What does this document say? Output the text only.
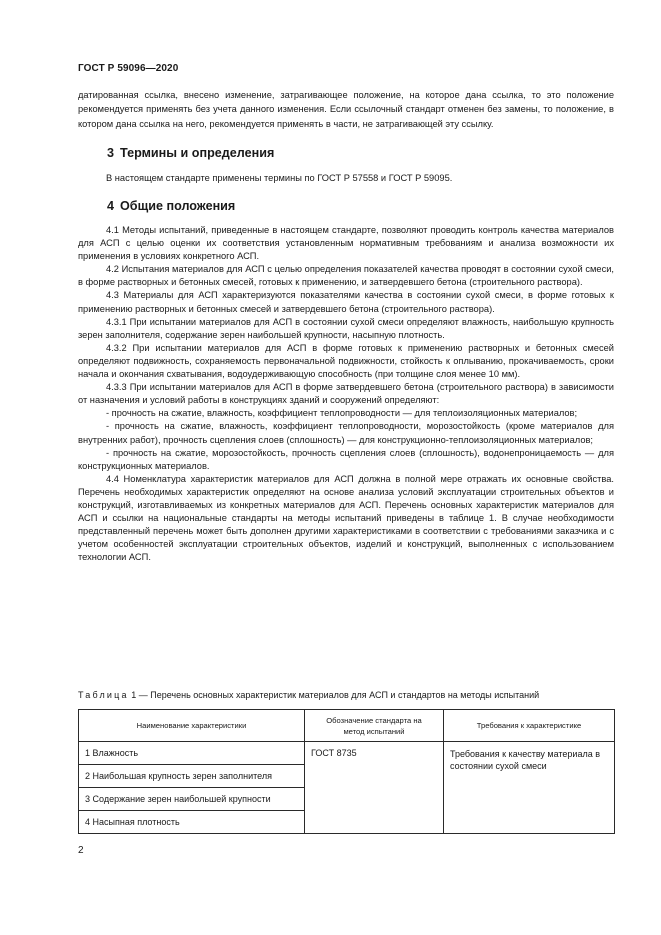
ГОСТ Р 59096—2020
датированная ссылка, внесено изменение, затрагивающее положение, на которое дана ссылка, то это положение рекомендуется применять без учета данного изменения. Если ссылочный стандарт отменен без замены, то положение, в котором дана ссылка на него, рекомендуется применять в части, не затрагивающей эту ссылку.
3 Термины и определения
В настоящем стандарте применены термины по ГОСТ Р 57558 и ГОСТ Р 59095.
4 Общие положения

4.1 Методы испытаний, приведенные в настоящем стандарте, позволяют проводить контроль качества материалов для АСП с целью оценки их соответствия установленным нормативным требованиям и анализа возможности их применения в условиях конкретного АСП.

4.2 Испытания материалов для АСП с целью определения показателей качества проводят в состоянии сухой смеси, в форме растворных и бетонных смесей, готовых к применению, и затвердевшего бетона (строительного раствора).

4.3 Материалы для АСП характеризуются показателями качества в состоянии сухой смеси, в форме готовых к применению растворных и бетонных смесей и затвердевшего бетона (строительного раствора).

4.3.1 При испытании материалов для АСП в состоянии сухой смеси определяют влажность, наибольшую крупность зерен заполнителя, содержание зерен наибольшей крупности, насыпную плотность.

4.3.2 При испытании материалов для АСП в форме готовых к применению растворных и бетонных смесей определяют подвижность, сохраняемость первоначальной подвижности, стойкость к оплыванию, прокачиваемость, сроки начала и окончания схватывания, водоудерживающую способность (при толщине слоя менее 10 мм).

4.3.3 При испытании материалов для АСП в форме затвердевшего бетона (строительного раствора) в зависимости от назначения и условий работы в конструкциях зданий и сооружений определяют:

- прочность на сжатие, влажность, коэффициент теплопроводности — для теплоизоляционных материалов;

- прочность на сжатие, влажность, коэффициент теплопроводности, морозостойкость (кроме материалов для внутренних работ), прочность сцепления слоев (сплошность) — для конструкционно-теплоизоляционных материалов;

- прочность на сжатие, морозостойкость, прочность сцепления слоев (сплошность), водонепроницаемость — для конструкционных материалов.

4.4 Номенклатура характеристик материалов для АСП должна в полной мере отражать их основные свойства. Перечень необходимых характеристик определяют на основе анализа условий эксплуатации строительных объектов и конструкций, изготавливаемых из конкретных материалов для АСП. Перечень основных характеристик материалов для АСП и ссылки на национальные стандарты на методы испытаний приведены в таблице 1. В случае необходимости представленный перечень может быть дополнен другими характеристиками в соответствии с требованиями заказчика и с учетом особенностей эксплуатации строительных объектов, изделий и конструкций, выполненных с использованием технологии АСП.

Таблица 1 — Перечень основных характеристик материалов для АСП и стандартов на методы испытаний
Наименование характеристики	Обозначение стандарта на метод испытаний	Требования к характеристике
1 Влажность	ГОСТ 8735	Требования к качеству материала в состоянии сухой смеси
2 Наибольшая крупность зерен заполнителя		
3 Содержание зерен наибольшей крупности		
4 Насыпная плотность		
2
